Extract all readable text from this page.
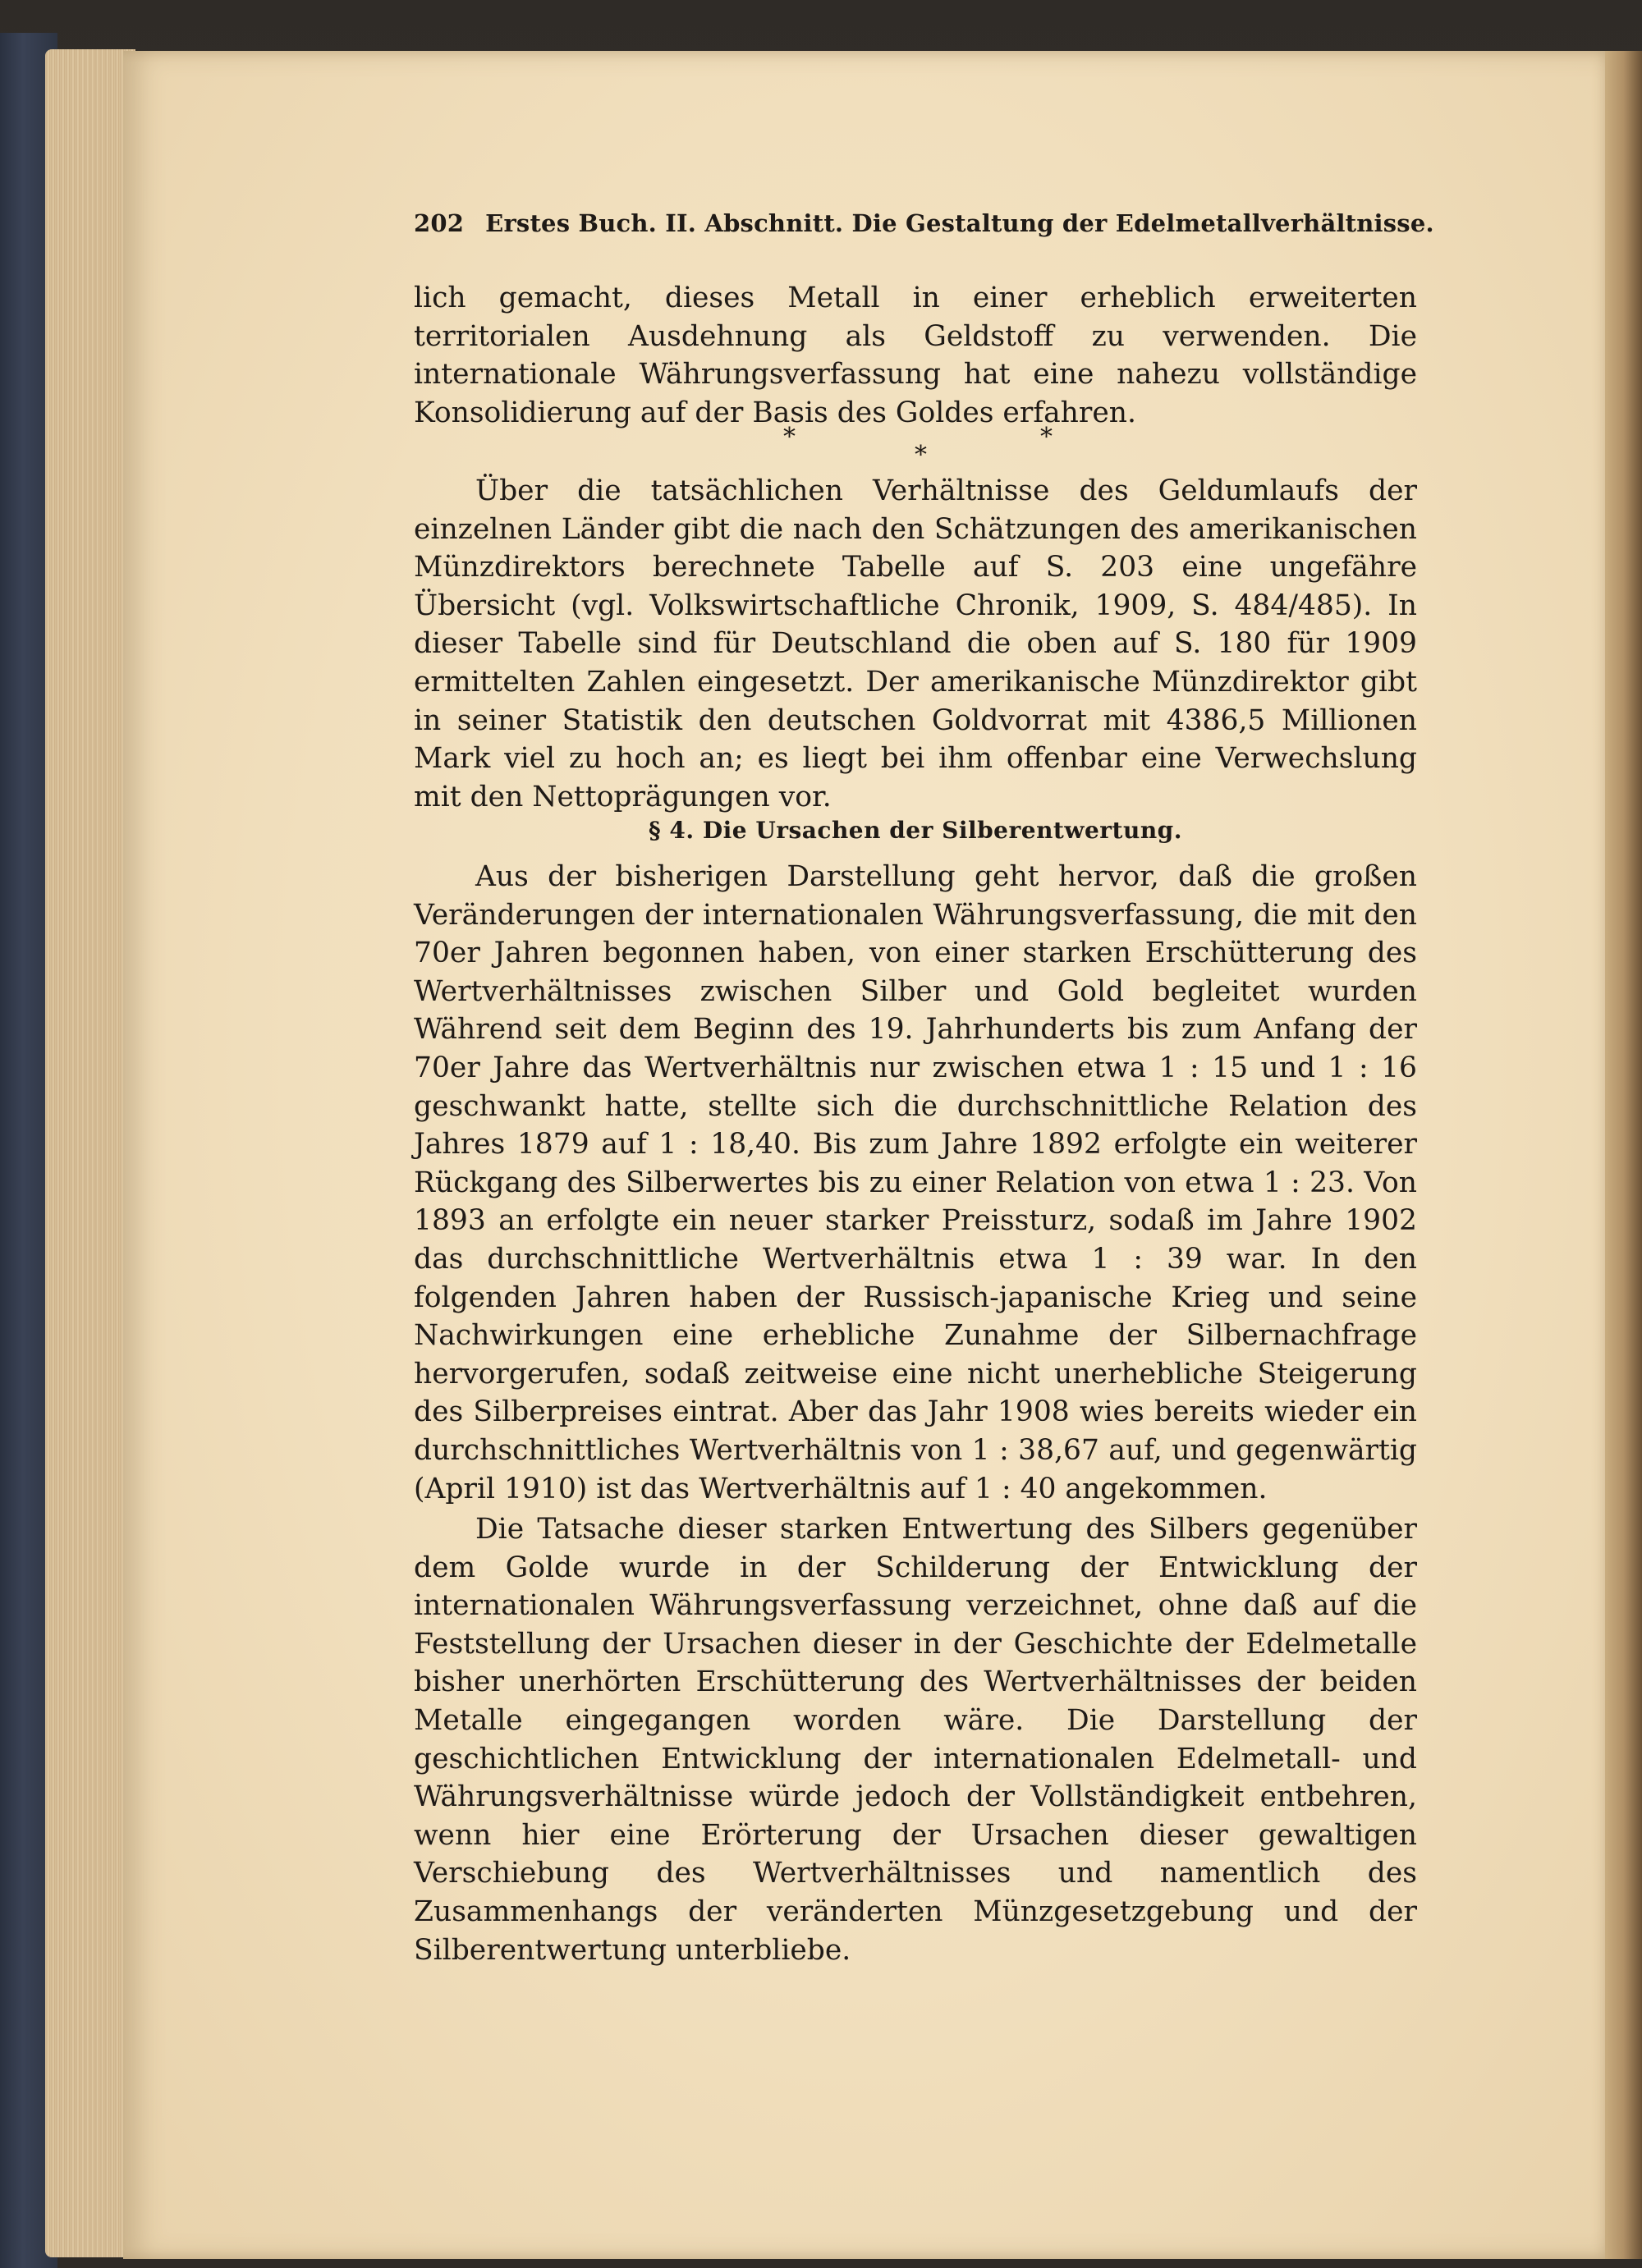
202 Erstes Buch. II. Abschnitt. Die Gestaltung der Edelmetallverhältnisse.
lich gemacht, dieses Metall in einer erheblich erweiterten territorialen Ausdehnung als Geldstoff zu verwenden. Die internationale Währungsverfassung hat eine nahezu vollständige Konsolidierung auf der Basis des Goldes erfahren.
*
*
*
Über die tatsächlichen Verhältnisse des Geldumlaufs der einzelnen Länder gibt die nach den Schätzungen des amerikanischen Münzdirektors berechnete Tabelle auf S. 203 eine ungefähre Übersicht (vgl. Volkswirtschaftliche Chronik, 1909, S. 484/485). In dieser Tabelle sind für Deutschland die oben auf S. 180 für 1909 ermittelten Zahlen eingesetzt. Der amerikanische Münzdirektor gibt in seiner Statistik den deutschen Goldvorrat mit 4386,5 Millionen Mark viel zu hoch an; es liegt bei ihm offenbar eine Verwechslung mit den Nettoprägungen vor.
§ 4. Die Ursachen der Silberentwertung.
Aus der bisherigen Darstellung geht hervor, daß die großen Veränderungen der internationalen Währungsverfassung, die mit den 70er Jahren begonnen haben, von einer starken Erschütterung des Wertverhältnisses zwischen Silber und Gold begleitet wurden Während seit dem Beginn des 19. Jahrhunderts bis zum Anfang der 70er Jahre das Wertverhältnis nur zwischen etwa 1 : 15 und 1 : 16 geschwankt hatte, stellte sich die durchschnittliche Relation des Jahres 1879 auf 1 : 18,40. Bis zum Jahre 1892 erfolgte ein weiterer Rückgang des Silberwertes bis zu einer Relation von etwa 1 : 23. Von 1893 an erfolgte ein neuer starker Preissturz, sodaß im Jahre 1902 das durchschnittliche Wertverhältnis etwa 1 : 39 war. In den folgenden Jahren haben der Russisch-japanische Krieg und seine Nachwirkungen eine erhebliche Zunahme der Silbernachfrage hervorgerufen, sodaß zeitweise eine nicht unerhebliche Steigerung des Silberpreises eintrat. Aber das Jahr 1908 wies bereits wieder ein durchschnittliches Wertverhältnis von 1 : 38,67 auf, und gegenwärtig (April 1910) ist das Wertverhältnis auf 1 : 40 angekommen.
Die Tatsache dieser starken Entwertung des Silbers gegenüber dem Golde wurde in der Schilderung der Entwicklung der internationalen Währungsverfassung verzeichnet, ohne daß auf die Feststellung der Ursachen dieser in der Geschichte der Edelmetalle bisher unerhörten Erschütterung des Wertverhältnisses der beiden Metalle eingegangen worden wäre. Die Darstellung der geschichtlichen Entwicklung der internationalen Edelmetall- und Währungsverhältnisse würde jedoch der Vollständigkeit entbehren, wenn hier eine Erörterung der Ursachen dieser gewaltigen Verschiebung des Wertverhältnisses und namentlich des Zusammenhangs der veränderten Münzgesetzgebung und der Silberentwertung unterbliebe.
